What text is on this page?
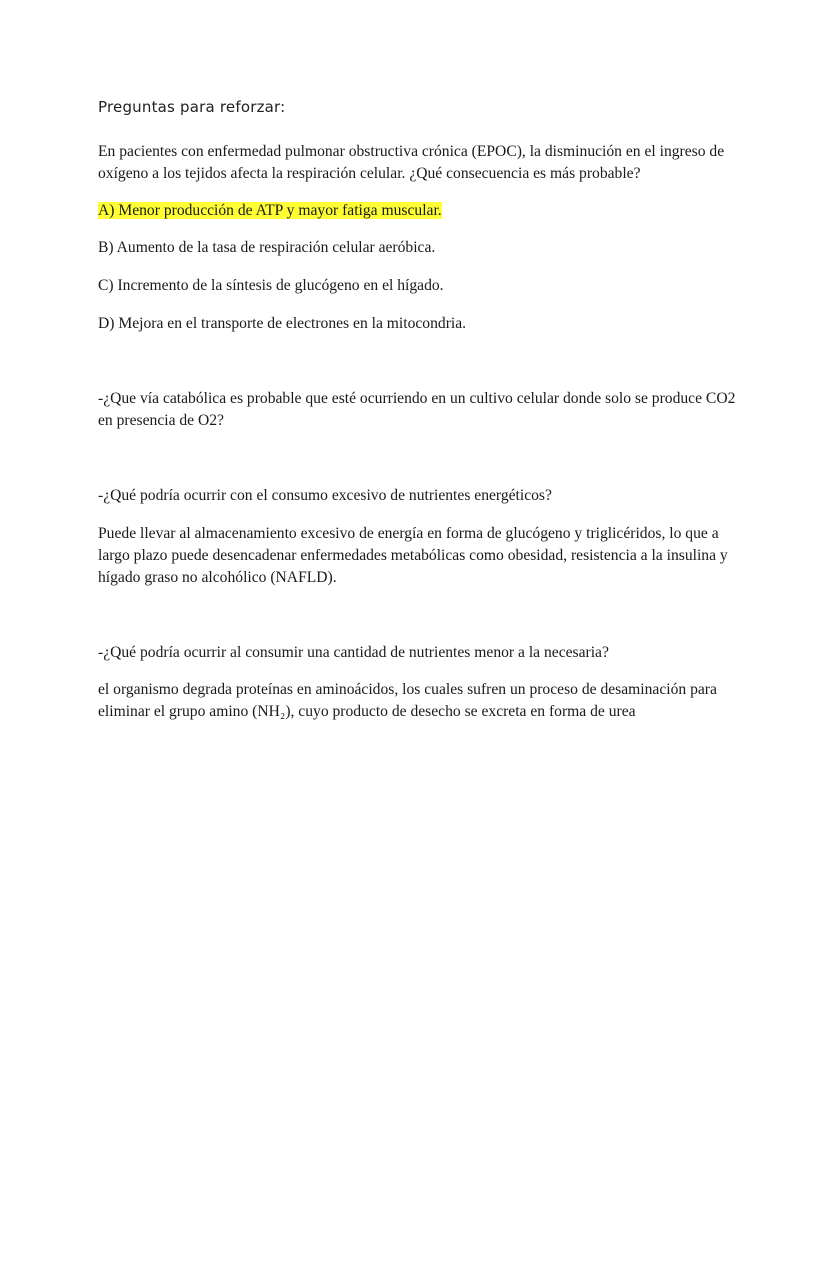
Preguntas para reforzar:

En pacientes con enfermedad pulmonar obstructiva crónica (EPOC), la disminución en el ingreso de oxígeno a los tejidos afecta la respiración celular. ¿Qué consecuencia es más probable?

A) Menor producción de ATP y mayor fatiga muscular.

B) Aumento de la tasa de respiración celular aeróbica.

C) Incremento de la síntesis de glucógeno en el hígado.

D) Mejora en el transporte de electrones en la mitocondria.

-¿Que vía catabólica es probable que esté ocurriendo en un cultivo celular donde solo se produce CO2 en presencia de O2?

-¿Qué podría ocurrir con el consumo excesivo de nutrientes energéticos?

Puede llevar al almacenamiento excesivo de energía en forma de glucógeno y triglicéridos, lo que a largo plazo puede desencadenar enfermedades metabólicas como obesidad, resistencia a la insulina y hígado graso no alcohólico (NAFLD).

-¿Qué podría ocurrir al consumir una cantidad de nutrientes menor a la necesaria?

el organismo degrada proteínas en aminoácidos, los cuales sufren un proceso de desaminación para eliminar el grupo amino (NH₂), cuyo producto de desecho se excreta en forma de urea
